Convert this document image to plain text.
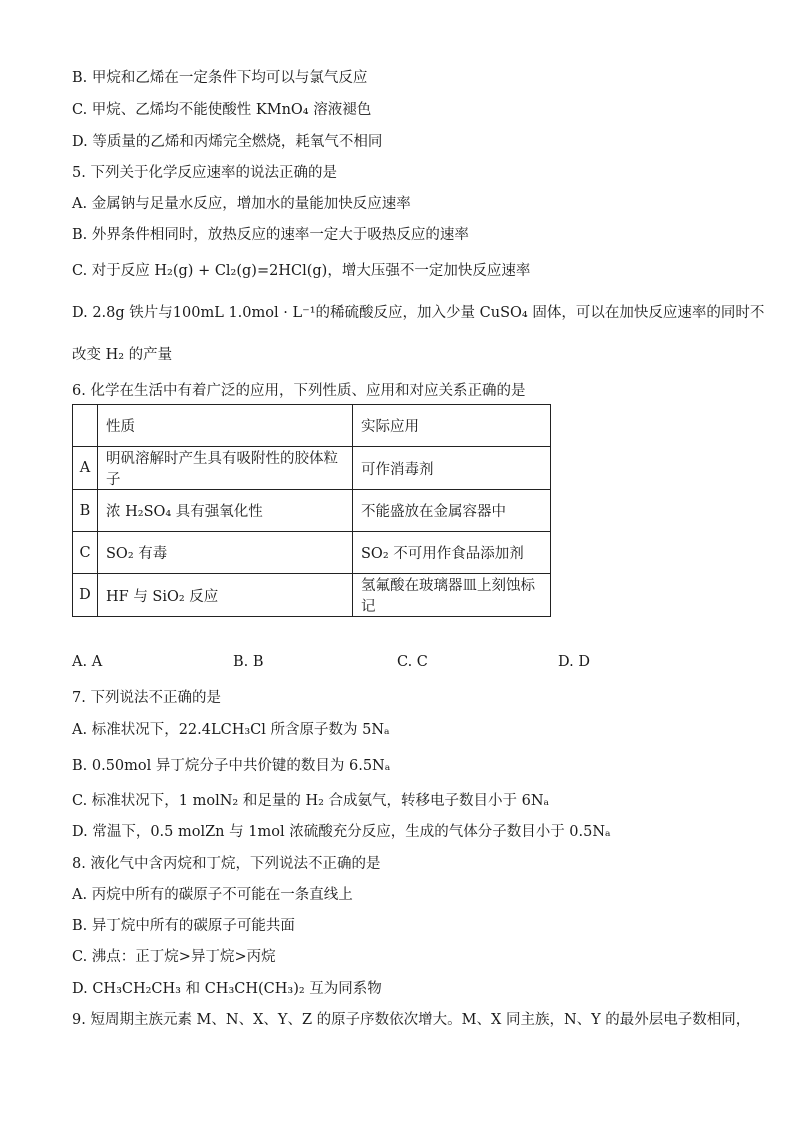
B. 甲烷和乙烯在一定条件下均可以与氯气反应
C. 甲烷、乙烯均不能使酸性 KMnO₄ 溶液褪色
D. 等质量的乙烯和丙烯完全燃烧，耗氧气不相同
5. 下列关于化学反应速率的说法正确的是
A. 金属钠与足量水反应，增加水的量能加快反应速率
B. 外界条件相同时，放热反应的速率一定大于吸热反应的速率
C. 对于反应 H₂(g) + Cl₂(g)=2HCl(g)，增大压强不一定加快反应速率
D. 2.8g 铁片与100mL 1.0mol · L⁻¹的稀硫酸反应，加入少量 CuSO₄ 固体，可以在加快反应速率的同时不
改变 H₂ 的产量
6. 化学在生活中有着广泛的应用，下列性质、应用和对应关系正确的是
	性质	实际应用
A	明矾溶解时产生具有吸附性的胶体粒子	可作消毒剂
B	浓 H₂SO₄ 具有强氧化性	不能盛放在金属容器中
C	SO₂ 有毒	SO₂ 不可用作食品添加剂
D	HF 与 SiO₂ 反应	氢氟酸在玻璃器皿上刻蚀标记
A. A	B. B	C. C	D. D
7. 下列说法不正确的是
A. 标准状况下，22.4LCH₃Cl 所含原子数为 5Nₐ
B. 0.50mol 异丁烷分子中共价键的数目为 6.5Nₐ
C. 标准状况下，1 molN₂ 和足量的 H₂ 合成氨气，转移电子数目小于 6Nₐ
D. 常温下，0.5 molZn 与 1mol 浓硫酸充分反应，生成的气体分子数目小于 0.5Nₐ
8. 液化气中含丙烷和丁烷，下列说法不正确的是
A. 丙烷中所有的碳原子不可能在一条直线上
B. 异丁烷中所有的碳原子可能共面
C. 沸点：正丁烷>异丁烷>丙烷
D. CH₃CH₂CH₃ 和 CH₃CH(CH₃)₂ 互为同系物
9. 短周期主族元素 M、N、X、Y、Z 的原子序数依次增大。M、X 同主族，N、Y 的最外层电子数相同，
